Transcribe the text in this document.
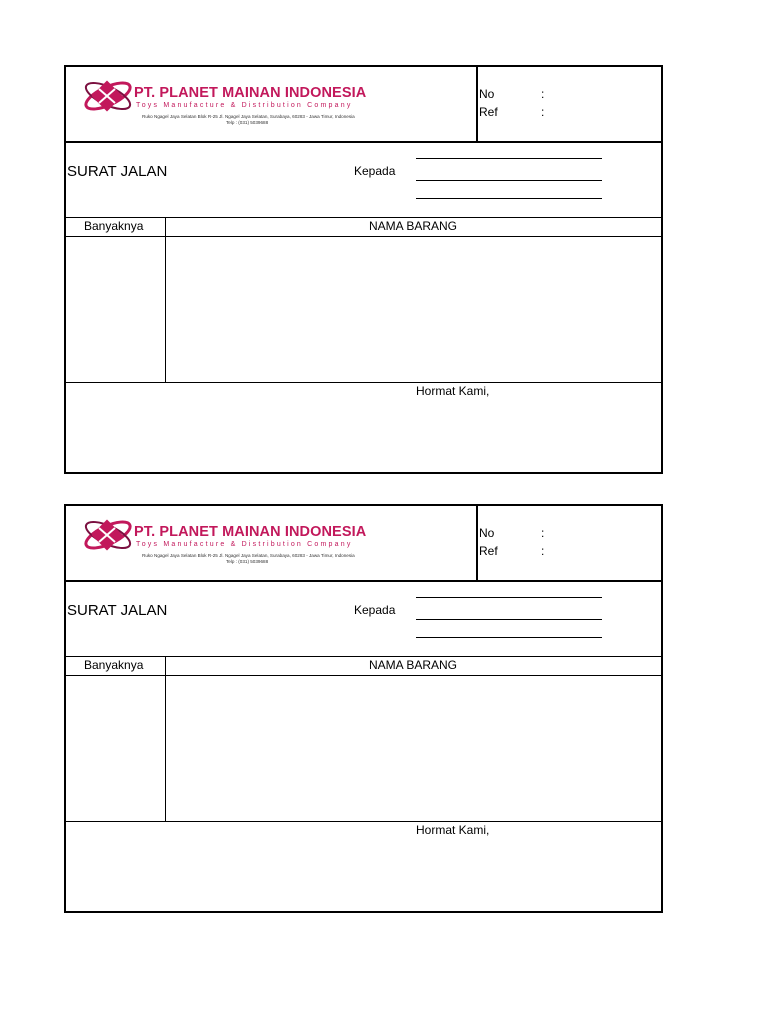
PT. PLANET MAINAN INDONESIA
Toys Manufacture & Distribution Company
Ruko Ngagel Jaya Selatan Blok R-25 Jl. Ngagel Jaya Selatan, Surabaya, 60283 - Jawa Timur, Indonesia
Telp : (031) 5039688
No	:
Ref	:
SURAT JALAN	Kepada
Banyaknya	NAMA BARANG
Hormat Kami,
PT. PLANET MAINAN INDONESIA
Toys Manufacture & Distribution Company
Ruko Ngagel Jaya Selatan Blok R-25 Jl. Ngagel Jaya Selatan, Surabaya, 60283 - Jawa Timur, Indonesia
Telp : (031) 5039688
No	:
Ref	:
SURAT JALAN	Kepada
Banyaknya	NAMA BARANG
Hormat Kami,
